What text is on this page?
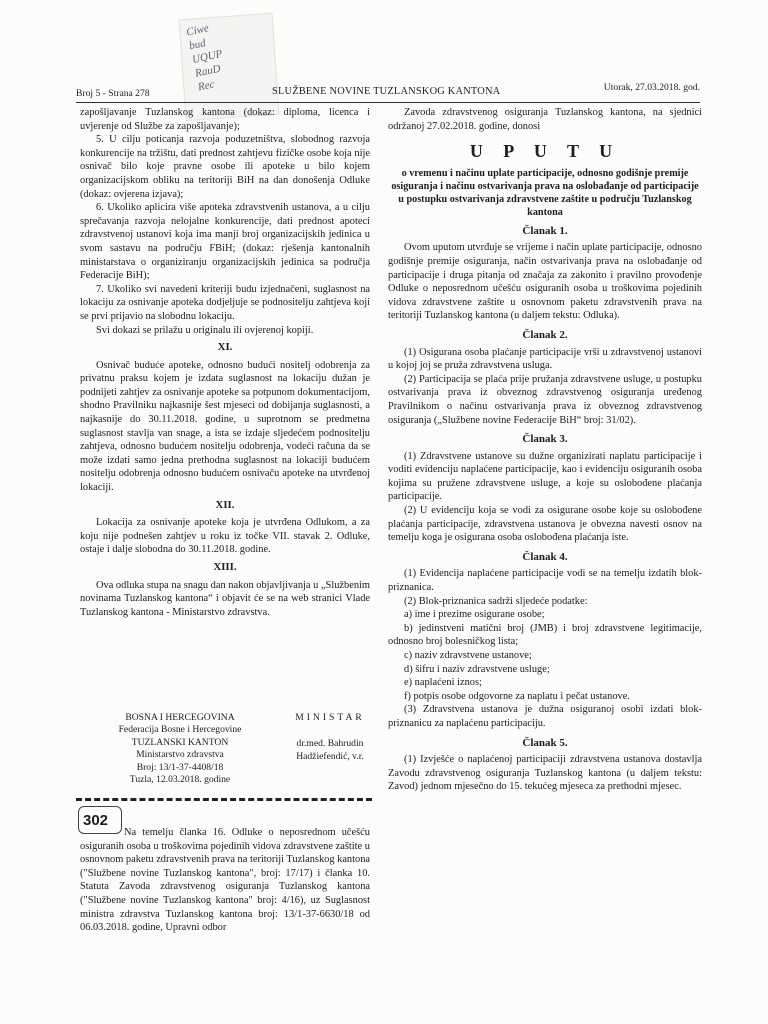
Ciwe
bud
UQUP
RauD
Rec
Broj 5 - Strana 278	SLUŽBENE NOVINE TUZLANSKOG KANTONA	Utorak, 27.03.2018. god.

zapošljavanje Tuzlanskog kantona (dokaz: diploma, licenca i uvjerenje od Službe za zapošljavanje);

5. U cilju poticanja razvoja poduzetništva, slobodnog razvoja konkurencije na tržištu, dati prednost zahtjevu fizičke osobe koja nije osnivač bilo koje pravne osobe ili apoteke u bilo kojem organizacijskom obliku na teritoriji BiH na dan donošenja Odluke (dokaz: ovjerena izjava);

6. Ukoliko aplicira više apoteka zdravstvenih ustanova, a u cilju sprečavanja razvoja nelojalne konkurencije, dati prednost apoteci zdravstvenoj ustanovi koja ima manji broj organizacijskih jedinica u svom sastavu na području FBiH; (dokaz: rješenja kantonalnih ministarstava o organiziranju organizacijskih jedinica sa područja Federacije BiH);

7. Ukoliko svi navedeni kriteriji budu izjednačeni, suglasnost na lokaciju za osnivanje apoteka dodjeljuje se podnositelju zahtjeva koji se prvi prijavio na slobodnu lokaciju.

Svi dokazi se prilažu u originalu ili ovjerenoj kopiji.

XI.

Osnivač buduće apoteke, odnosno budući nositelj odobrenja za privatnu praksu kojem je izdata suglasnost na lokaciju dužan je podnijeti zahtjev za osnivanje apoteke sa potpunom dokumentacijom, shodno Pravilniku najkasnije šest mjeseci od dobijanja suglasnosti, a najkasnije do 30.11.2018. godine, u suprotnom se predmetna suglasnost stavlja van snage, a ista se izdaje sljedećem podnositelju zahtjeva, odnosno budućem nositelju odobrenja, vodeći računa da se može izdati samo jedna prethodna suglasnost na lokaciji budućem nositelju odobrenja odnosno budućem osnivaču apoteke na utvrđenoj lokaciji.

XII.

Lokacija za osnivanje apoteke koja je utvrđena Odlukom, a za koju nije podnešen zahtjev u roku iz točke VII. stavak 2. Odluke, ostaje i dalje slobodna do 30.11.2018. godine.

XIII.

Ova odluka stupa na snagu dan nakon objavljivanja u „Službenim novinama Tuzlanskog kantona“ i objavit će se na web stranici Vlade Tuzlanskog kantona - Ministarstvo zdravstva.

BOSNA I HERCEGOVINA
Federacija Bosne i Hercegovine
TUZLANSKI KANTON
Ministarstvo zdravstva
Broj: 13/1-37-4408/18
Tuzla, 12.03.2018. godine
MINISTAR
dr.med. Bahrudin
Hadžiefendić, v.r.
302

Na temelju članka 16. Odluke o neposrednom učešću osiguranih osoba u troškovima pojedinih vidova zdravstvene zaštite u osnovnom paketu zdravstvenih prava na teritoriji Tuzlanskog kantona ("Službene novine Tuzlanskog kantona", broj: 17/17) i članka 10. Statuta Zavoda zdravstvenog osiguranja Tuzlanskog kantona ("Službene novine Tuzlanskog kantona" broj: 4/16), uz Suglasnost ministra zdravstva Tuzlanskog kantona broj: 13/1-37-6630/18 od 06.03.2018. godine, Upravni odbor

Zavoda zdravstvenog osiguranja Tuzlanskog kantona, na sjednici održanoj 27.02.2018. godine, donosi

U P U T U

o vremenu i načinu uplate participacije, odnosno godišnje premije osiguranja i načinu ostvarivanja prava na oslobađanje od participacije u postupku ostvarivanja zdravstvene zaštite u području Tuzlanskog kantona

Članak 1.

Ovom uputom utvrđuje se vrijeme i način uplate participacije, odnosno godišnje premije osiguranja, način ostvarivanja prava na oslobađanje od participacije i druga pitanja od značaja za zakonito i pravilno provođenje Odluke o neposrednom učešću osiguranih osoba u troškovima pojedinih vidova zdravstvene zaštite u osnovnom paketu zdravstvenih prava na teritoriji Tuzlanskog kantona (u daljem tekstu: Odluka).

Članak 2.

(1) Osigurana osoba plaćanje participacije vrši u zdravstvenoj ustanovi u kojoj joj se pruža zdravstvena usluga.

(2) Participacija se plaća prije pružanja zdravstvene usluge, u postupku ostvarivanja prava iz obveznog zdravstvenog osiguranja uređenog Pravilnikom o načinu ostvarivanja prava iz obveznog zdravstvenog osiguranja („Službene novine Federacije BiH“ broj: 31/02).

Članak 3.

(1) Zdravstvene ustanove su dužne organizirati naplatu participacije i voditi evidenciju naplaćene participacije, kao i evidenciju osiguranih osoba kojima su pružene zdravstvene usluge, a koje su oslobođene plaćanja participacije.

(2) U evidenciju koja se vodi za osigurane osobe koje su oslobođene plaćanja participacije, zdravstvena ustanova je obvezna navesti osnov na temelju koga je osigurana osoba oslobođena plaćanja iste.

Članak 4.

(1) Evidencija naplaćene participacije vodi se na temelju izdatih blok-priznanica.

(2) Blok-priznanica sadrži sljedeće podatke:

a) ime i prezime osigurane osobe;

b) jedinstveni matični broj (JMB) i broj zdravstvene legitimacije, odnosno broj bolesničkog lista;

c) naziv zdravstvene ustanove;

d) šifru i naziv zdravstvene usluge;

e) naplaćeni iznos;

f) potpis osobe odgovorne za naplatu i pečat ustanove.

(3) Zdravstvena ustanova je dužna osiguranoj osobi izdati blok-priznanicu za naplaćenu participaciju.

Članak 5.

(1) Izvješće o naplaćenoj participaciji zdravstvena ustanova dostavlja Zavodu zdravstvenog osiguranja Tuzlanskog kantona (u daljem tekstu: Zavod) jednom mjesečno do 15. tekućeg mjeseca za prethodni mjesec.
